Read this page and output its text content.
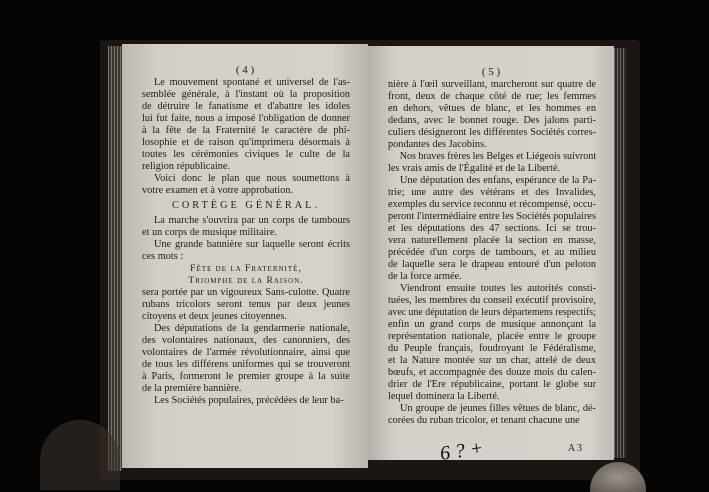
( 4 )
Le mouvement spontané et universel de l'as-
semblée générale, à l'instant où la proposition
de détruire le fanatisme et d'abattre les idoles
lui fut faite, nous a imposé l'obligation de donner
à la fête de la Fraternité le caractère de phi-
losophie et de raison qu'imprimera désormais à
toutes les cérémonies civiques le culte de la
religion républicaine.
Voici donc le plan que nous soumettons à
votre examen et à votre approbation.
CORTÈGE GÉNÉRAL.
La marche s'ouvrira par un corps de tambours
et un corps de musique militaire.
Une grande bannière sur laquelle seront écrits
ces mots :
Fête de la Fraternité,
Triomphe de la Raison.
sera portée par un vigoureux Sans-culotte. Quatre
rubans tricolors seront tenus par deux jeunes
citoyens et deux jeunes citoyennes.
Des députations de la gendarmerie nationale,
des volontaires nationaux, des canonniers, des
volontaires de l'armée révolutionnaire, ainsi que
de tous les différens uniformes qui se trouveront
à Paris, formeront le premier groupe à la suite
de la première bannière.
Les Sociétés populaires, précédées de leur ba-
( 5 )
nière à l'œil surveillant, marcheront sur quatre de
front, deux de chaque côté de rue; les femmes
en dehors, vêtues de blanc, et les hommes en
dedans, avec le bonnet rouge. Des jalons parti-
culiers désigneront les différentes Sociétés corres-
pondantes des Jacobins.
Nos braves frères les Belges et Liégeois suivront
les vrais amis de l'Égalité et de la Liberté.
Une députation des enfans, espérance de la Pa-
trie; une autre des vétérans et des Invalides,
exemples du service reconnu et récompensé, occu-
peront l'intermédiaire entre les Sociétés populaires
et les députations des 47 sections. Ici se trou-
vera naturellement placée la section en masse,
précédée d'un corps de tambours, et au milieu
de laquelle sera le drapeau entouré d'un peloton
de la force armée.
Viendront ensuite toutes les autorités consti-
tuées, les membres du conseil exécutif provisoire,
avec une députation de leurs départemens respectifs;
enfin un grand corps de musique annonçant la
représentation nationale, placée entre le groupe
du Peuple français, foudroyant le Fédéralisme,
et la Nature montée sur un char, attelé de deux
bœufs, et accompagnée des douze mois du calen-
drier de l'Ere républicaine, portant le globe sur
lequel dominera la Liberté.
Un groupe de jeunes filles vêtues de blanc, dé-
corées du ruban tricolor, et tenant chacune une
A 3
6 ? +
